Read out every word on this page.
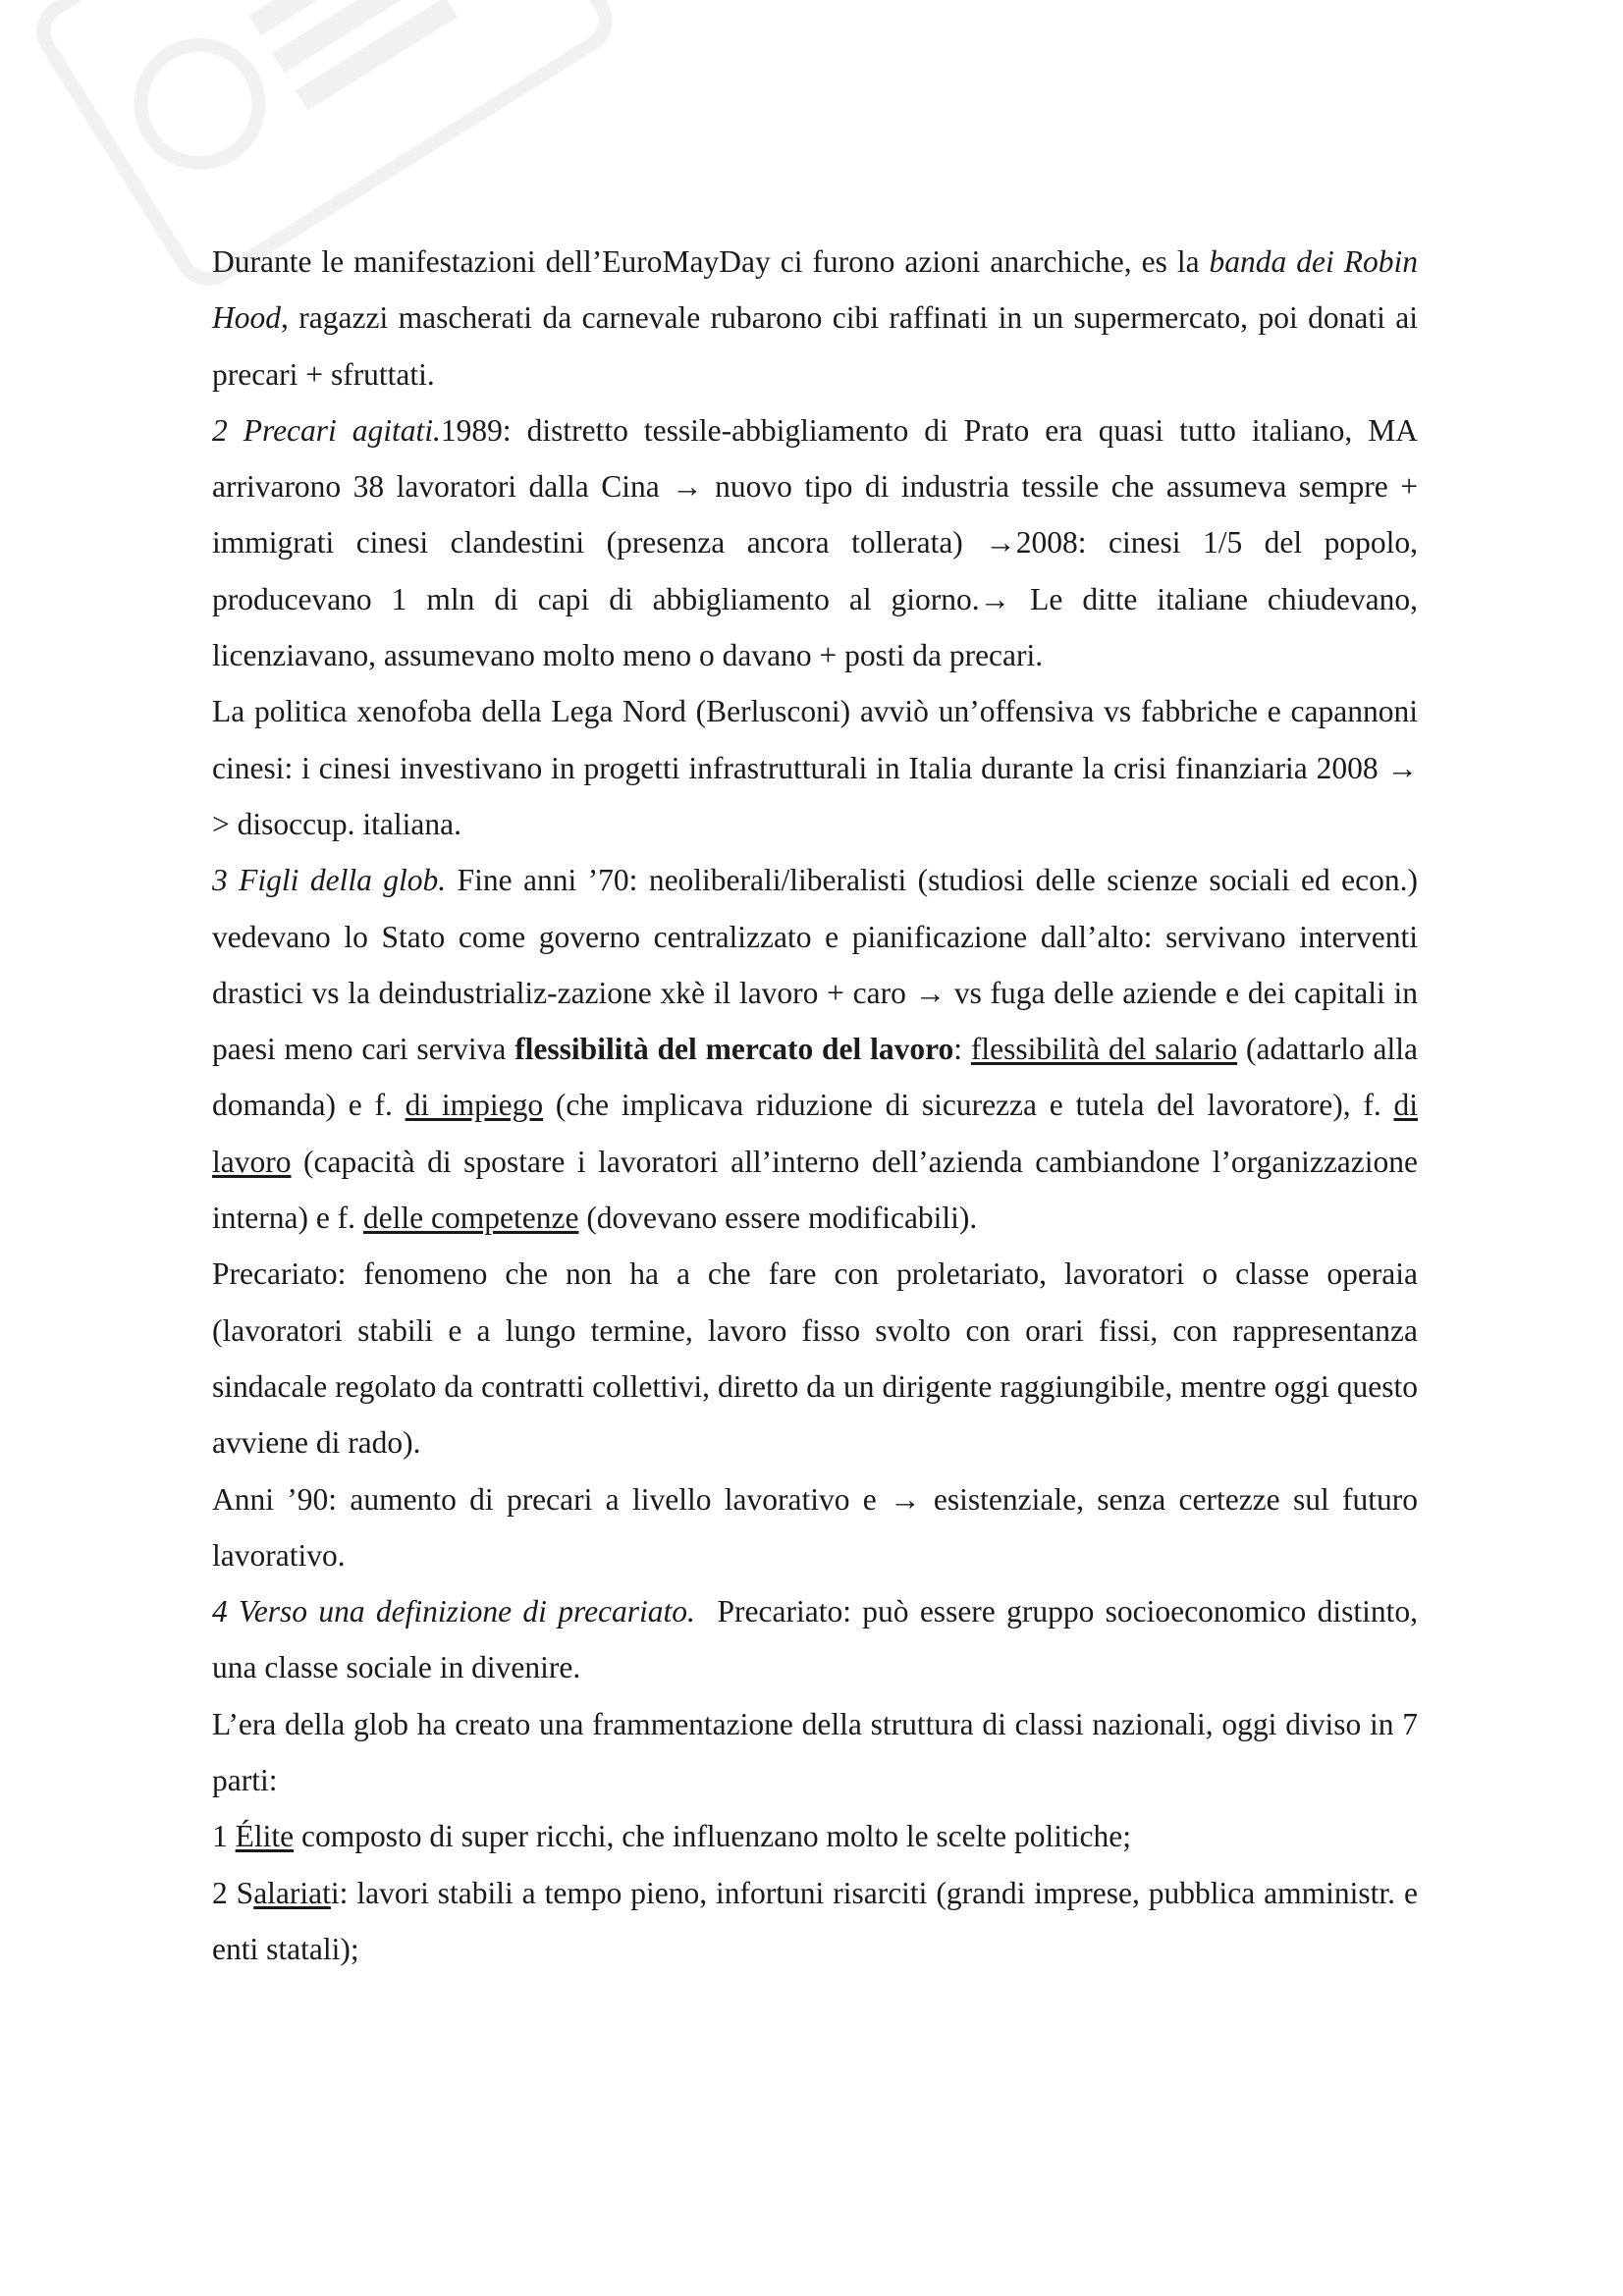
Durante le manifestazioni dell’EuroMayDay ci furono azioni anarchiche, es la banda dei Robin Hood, ragazzi mascherati da carnevale rubarono cibi raffinati in un supermercato, poi donati ai precari + sfruttati.

2 Precari agitati.1989: distretto tessile-abbigliamento di Prato era quasi tutto italiano, MA arrivarono 38 lavoratori dalla Cina → nuovo tipo di industria tessile che assumeva sempre + immigrati cinesi clandestini (presenza ancora tollerata) →2008: cinesi 1/5 del popolo, producevano 1 mln di capi di abbigliamento al giorno.→ Le ditte italiane chiudevano, licenziavano, assumevano molto meno o davano + posti da precari.

La politica xenofoba della Lega Nord (Berlusconi) avviò un’offensiva vs fabbriche e capannoni cinesi: i cinesi investivano in progetti infrastrutturali in Italia durante la crisi finanziaria 2008 → > disoccup. italiana.

3 Figli della glob. Fine anni ’70: neoliberali/liberalisti (studiosi delle scienze sociali ed econ.) vedevano lo Stato come governo centralizzato e pianificazione dall’alto: servivano interventi drastici vs la deindustrializ-zazione xkè il lavoro + caro → vs fuga delle aziende e dei capitali in paesi meno cari serviva flessibilità del mercato del lavoro: flessibilità del salario (adattarlo alla domanda) e f. di impiego (che implicava riduzione di sicurezza e tutela del lavoratore), f. di lavoro (capacità di spostare i lavoratori all’interno dell’azienda cambiandone l’organizzazione interna) e f. delle competenze (dovevano essere modificabili).

Precariato: fenomeno che non ha a che fare con proletariato, lavoratori o classe operaia (lavoratori stabili e a lungo termine, lavoro fisso svolto con orari fissi, con rappresentanza sindacale regolato da contratti collettivi, diretto da un dirigente raggiungibile, mentre oggi questo avviene di rado).

Anni ’90: aumento di precari a livello lavorativo e → esistenziale, senza certezze sul futuro lavorativo.

4 Verso una definizione di precariato.  Precariato: può essere gruppo socioeconomico distinto, una classe sociale in divenire.

L’era della glob ha creato una frammentazione della struttura di classi nazionali, oggi diviso in 7 parti:

1 Élite composto di super ricchi, che influenzano molto le scelte politiche;

2 Salariati: lavori stabili a tempo pieno, infortuni risarciti (grandi imprese, pubblica amministr. e enti statali);
